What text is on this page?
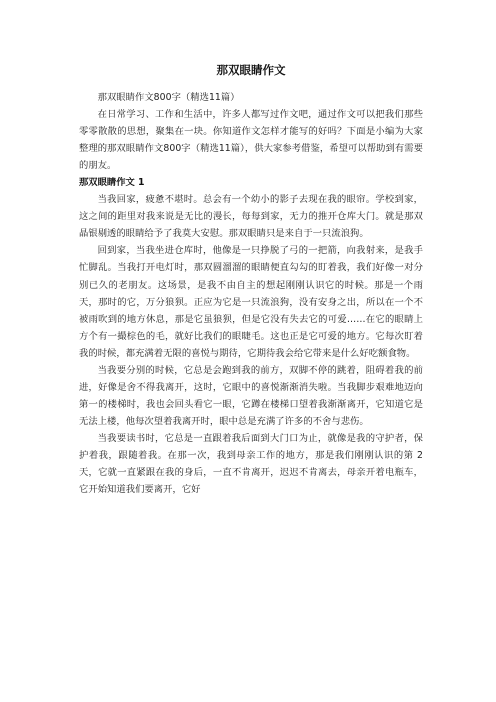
那双眼睛作文

那双眼睛作文800字（精选11篇）

在日常学习、工作和生活中，许多人都写过作文吧，通过作文可以把我们那些零零散散的思想，聚集在一块。你知道作文怎样才能写的好吗？下面是小编为大家整理的那双眼睛作文800字（精选11篇），供大家参考借鉴，希望可以帮助到有需要的朋友。

那双眼睛作文 1

当我回家，疲惫不堪时。总会有一个幼小的影子去现在我的眼帘。学校到家，这之间的距里对我来说是无比的漫长，每每到家，无力的推开仓库大门。就是那双晶银剔透的眼睛给予了我莫大安慰。那双眼睛只是来自于一只流浪狗。

回到家，当我坐进仓库时，他像是一只挣脱了弓的一把箭，向我射来，是我手忙脚乱。当我打开电灯时，那双圆溜溜的眼睛便直勾勾的盯着我，我们好像一对分别已久的老朋友。这场景，是我不由自主的想起刚刚认识它的时候。那是一个雨天，那时的它，万分狼狈。正应为它是一只流浪狗，没有安身之出，所以在一个不被雨吹到的地方休息，那是它虽狼狈，但是它没有失去它的可爱……在它的眼睛上方个有一撮棕色的毛，就好比我们的眼睫毛。这也正是它可爱的地方。它每次盯着我的时候，都充满着无限的喜悦与期待，它期待我会给它带来是什么好吃额食物。

当我要分别的时候，它总是会跑到我的前方，双脚不停的跳着，阻碍着我的前进，好像是舍不得我离开，这时，它眼中的喜悦渐渐消失啦。当我脚步艰难地迈向第一的楼梯时，我也会回头看它一眼，它蹲在楼梯口望着我渐渐离开，它知道它是无法上楼，他每次望着我离开时，眼中总是充满了许多的不舍与悲伤。

当我要读书时，它总是一直跟着我后面到大门口为止，就像是我的守护者，保护着我，跟随着我。在那一次，我到母亲工作的地方，那是我们刚刚认识的第 2 天，它就一直紧跟在我的身后，一直不肯离开，迟迟不肯离去，母亲开着电瓶车，它开始知道我们要离开，它好
